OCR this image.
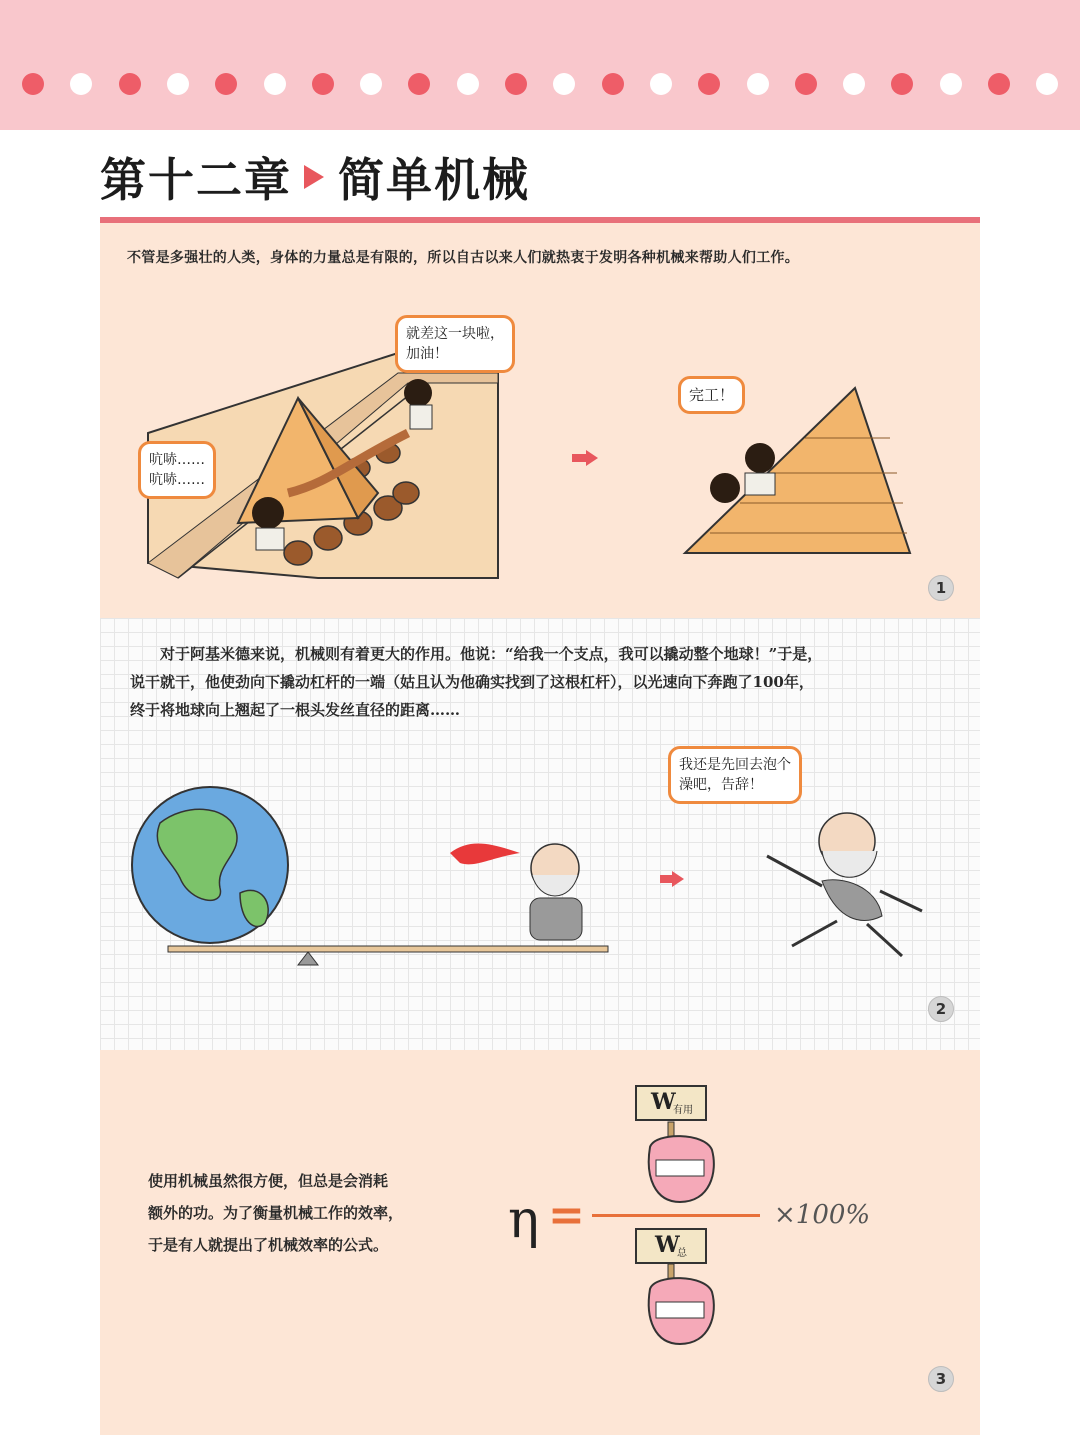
第十二章 简单机械
不管是多强壮的人类，身体的力量总是有限的，所以自古以来人们就热衷于发明各种机械来帮助人们工作。
就差这一块啦，
加油！
吭哧……
吭哧……
完工！
1
对于阿基米德来说，机械则有着更大的作用。他说：“给我一个支点，我可以撬动整个地球！”于是，
说干就干，他使劲向下撬动杠杆的一端（姑且认为他确实找到了这根杠杆），以光速向下奔跑了100年，
终于将地球向上翘起了一根头发丝直径的距离……
我还是先回去泡个
澡吧，告辞！
2
使用机械虽然很方便，但总是会消耗
额外的功。为了衡量机械工作的效率，
于是有人就提出了机械效率的公式。	η =	×100%
W
有用
W
总
3
